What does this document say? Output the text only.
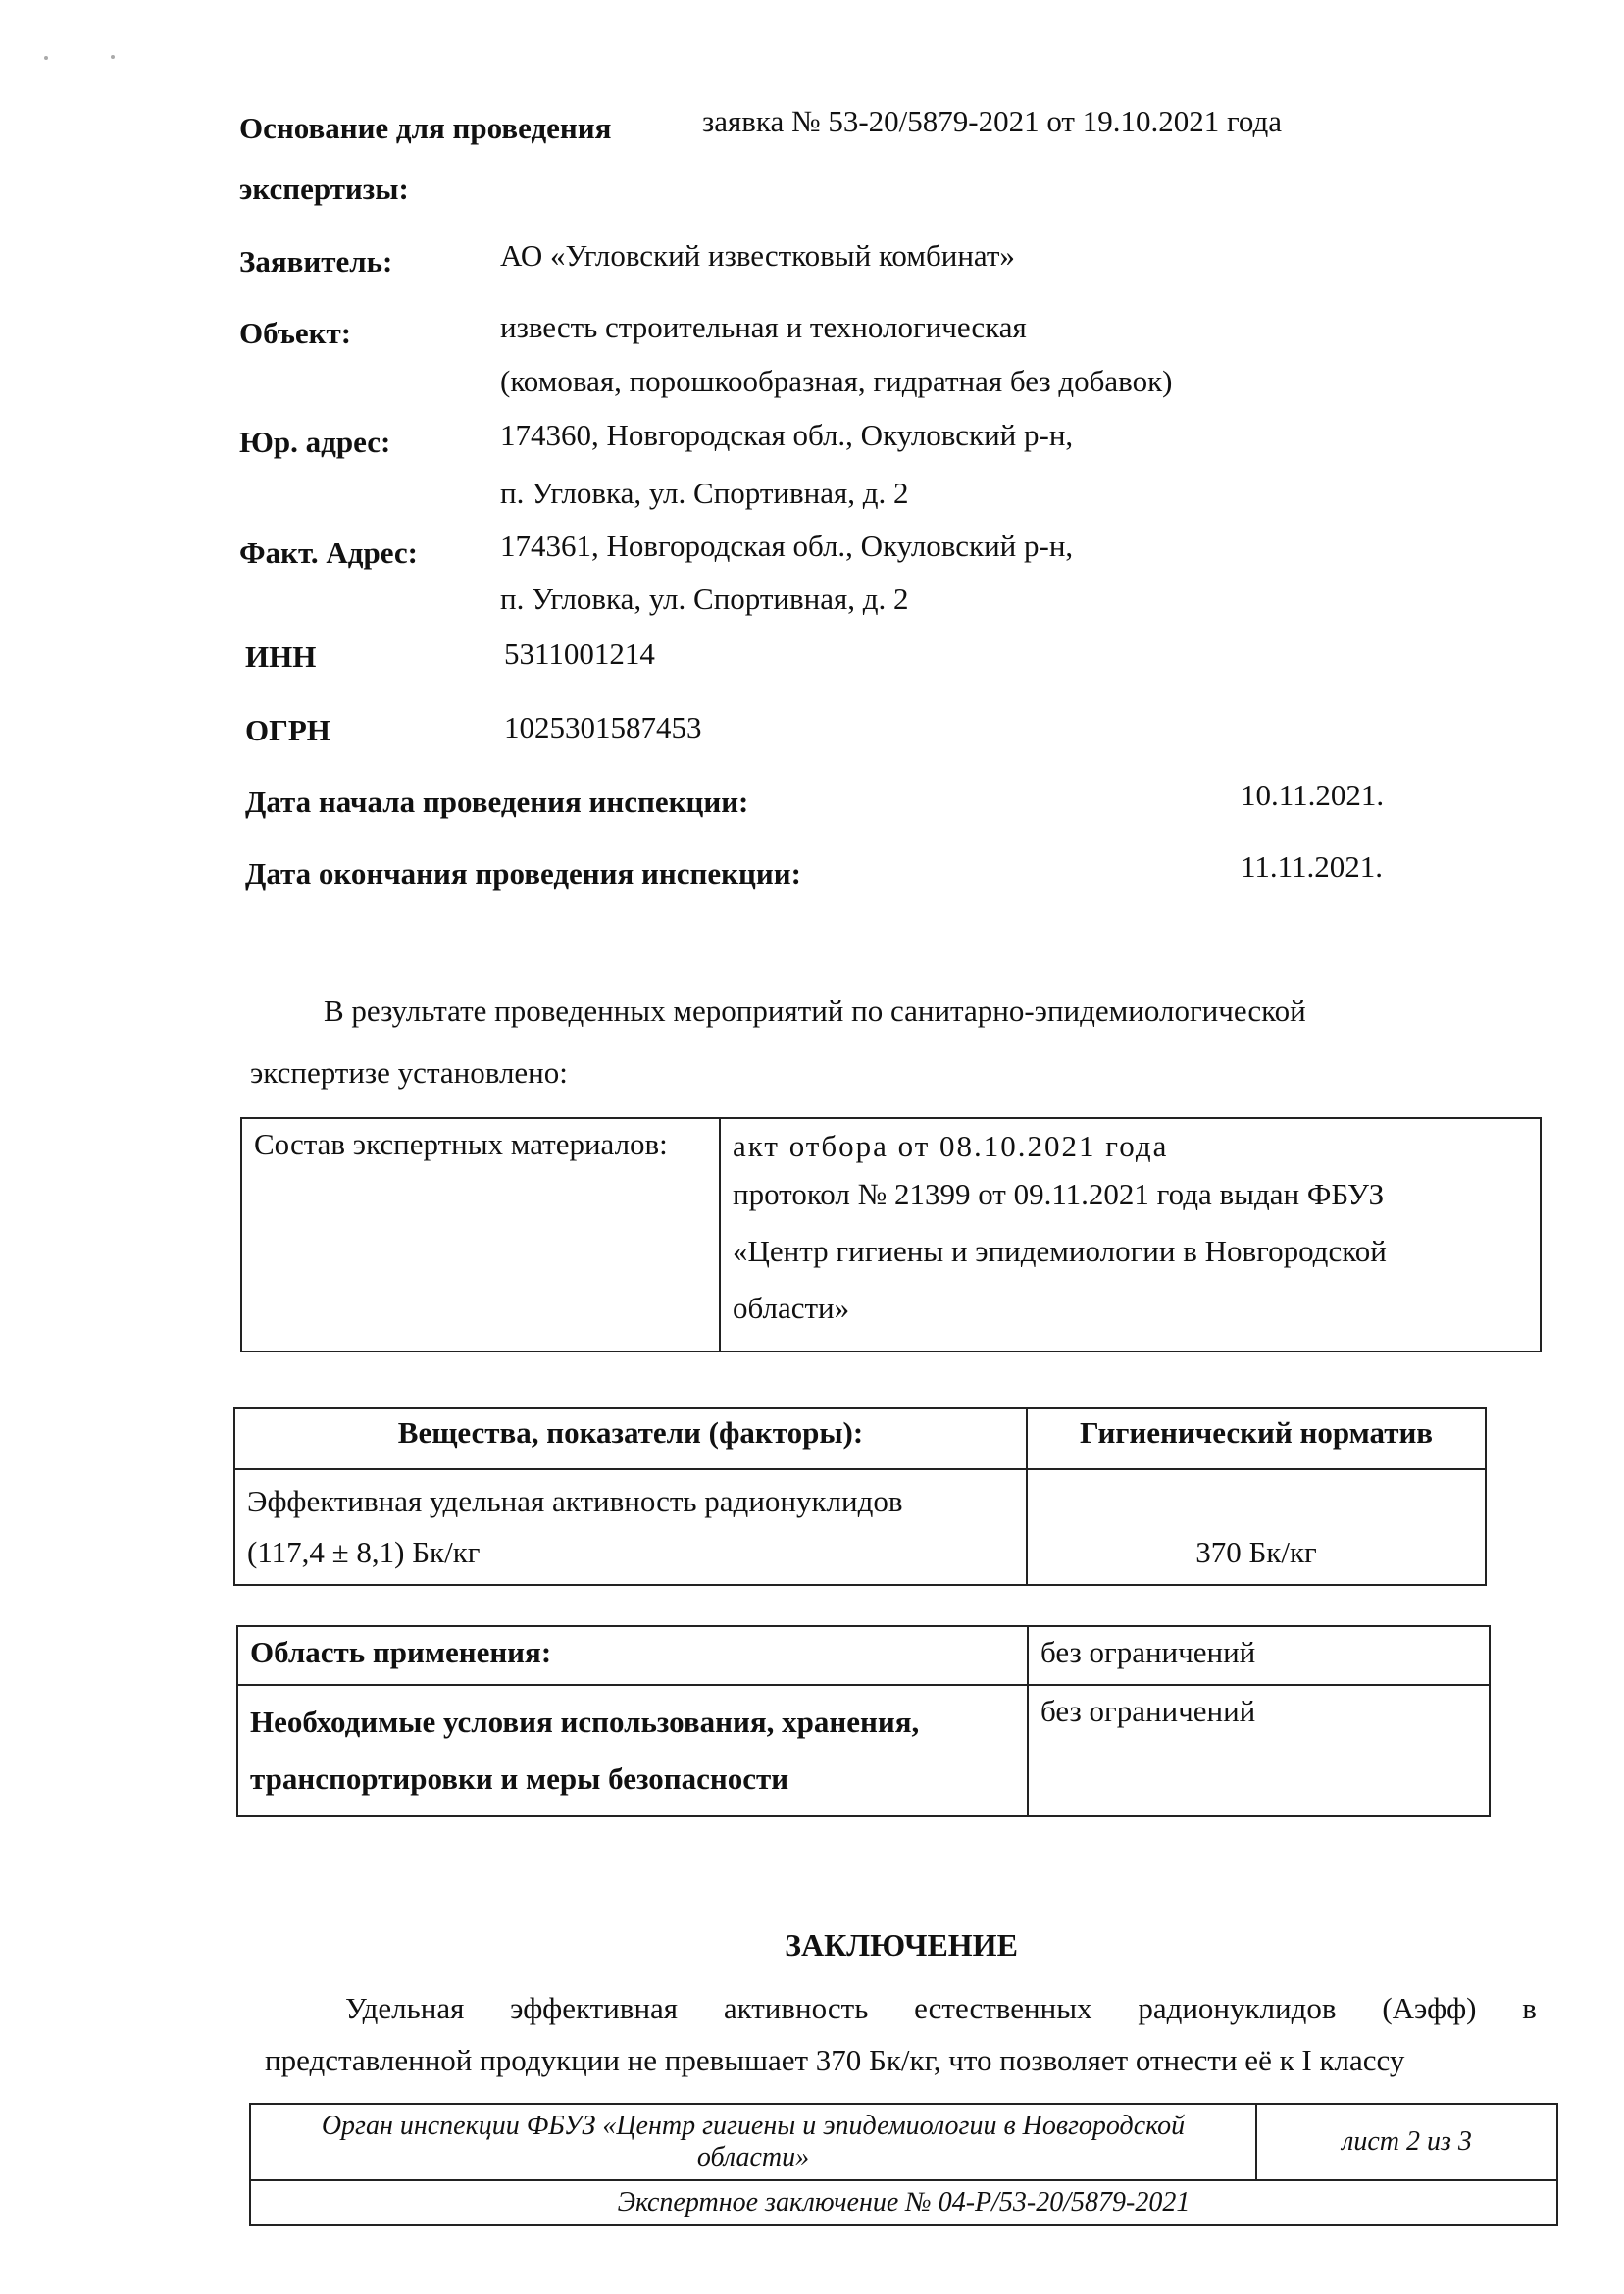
Основание для проведения	заявка № 53-20/5879-2021 от 19.10.2021 года
экспертизы:
Заявитель:	АО «Угловский известковый комбинат»
Объект:	известь строительная и технологическая
(комовая, порошкообразная, гидратная без добавок)
Юр. адрес:	174360, Новгородская обл., Окуловский р-н,
п. Угловка, ул. Спортивная, д. 2
Факт. Адрес:	174361, Новгородская обл., Окуловский р-н,
п. Угловка, ул. Спортивная, д. 2
ИНН	5311001214
ОГРН	1025301587453
Дата начала проведения инспекции:	10.11.2021.
Дата окончания проведения инспекции:	11.11.2021.
В результате проведенных мероприятий по санитарно-эпидемиологической
экспертизе установлено:
Состав экспертных материалов:	акт отбора от 08.10.2021 года
протокол № 21399 от 09.11.2021 года выдан ФБУЗ
«Центр гигиены и эпидемиологии в Новгородской
области»
Вещества, показатели (факторы):	Гигиенический норматив

Эффективная удельная активность радионуклидов
(117,4 ± 8,1) Бк/кг	370 Бк/кг
Область применения:	без ограничений

Необходимые условия использования, хранения,
транспортировки и меры безопасности	без ограничений
ЗАКЛЮЧЕНИЕ
Удельная эффективная активность естественных радионуклидов (Аэфф) в
представленной продукции не превышает 370 Бк/кг, что позволяет отнести её к I классу
Орган инспекции ФБУЗ «Центр гигиены и эпидемиологии в Новгородской области»	лист 2 из 3
Экспертное заключение № 04-Р/53-20/5879-2021
